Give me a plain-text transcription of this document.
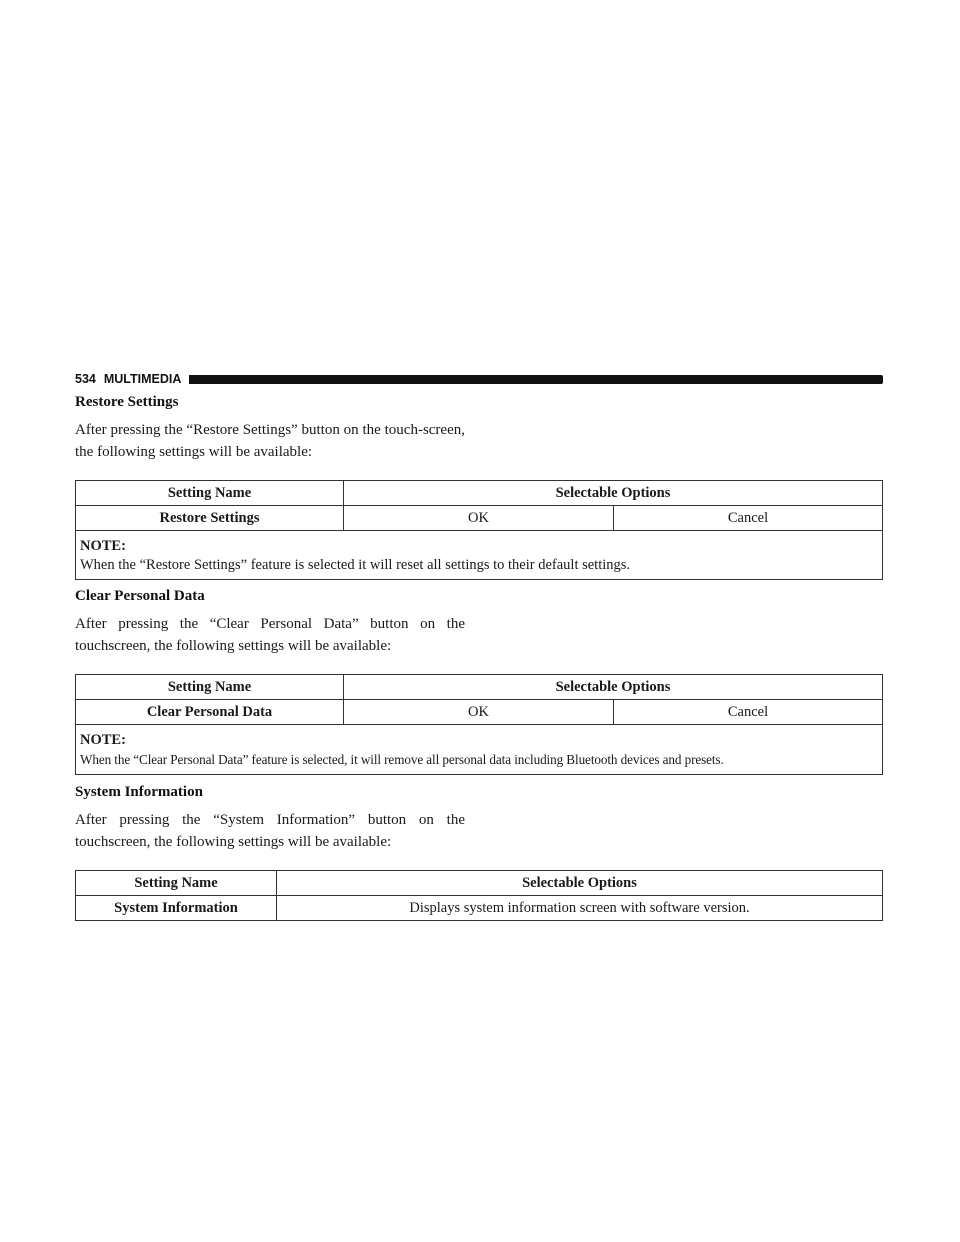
534 MULTIMEDIA
Restore Settings

After pressing the “Restore Settings” button on the touch-screen, the following settings will be available:

Setting Name	Selectable Options	
Restore Settings	OK	Cancel

NOTE:
When the “Restore Settings” feature is selected it will reset all settings to their default settings.		
Clear Personal Data

After pressing the “Clear Personal Data” button on the touchscreen, the following settings will be available:

Setting Name	Selectable Options	
Clear Personal Data	OK	Cancel

NOTE:
When the “Clear Personal Data” feature is selected, it will remove all personal data including Bluetooth devices and presets.		
System Information

After pressing the “System Information” button on the touchscreen, the following settings will be available:

Setting Name	Selectable Options
System Information	Displays system information screen with software version.
